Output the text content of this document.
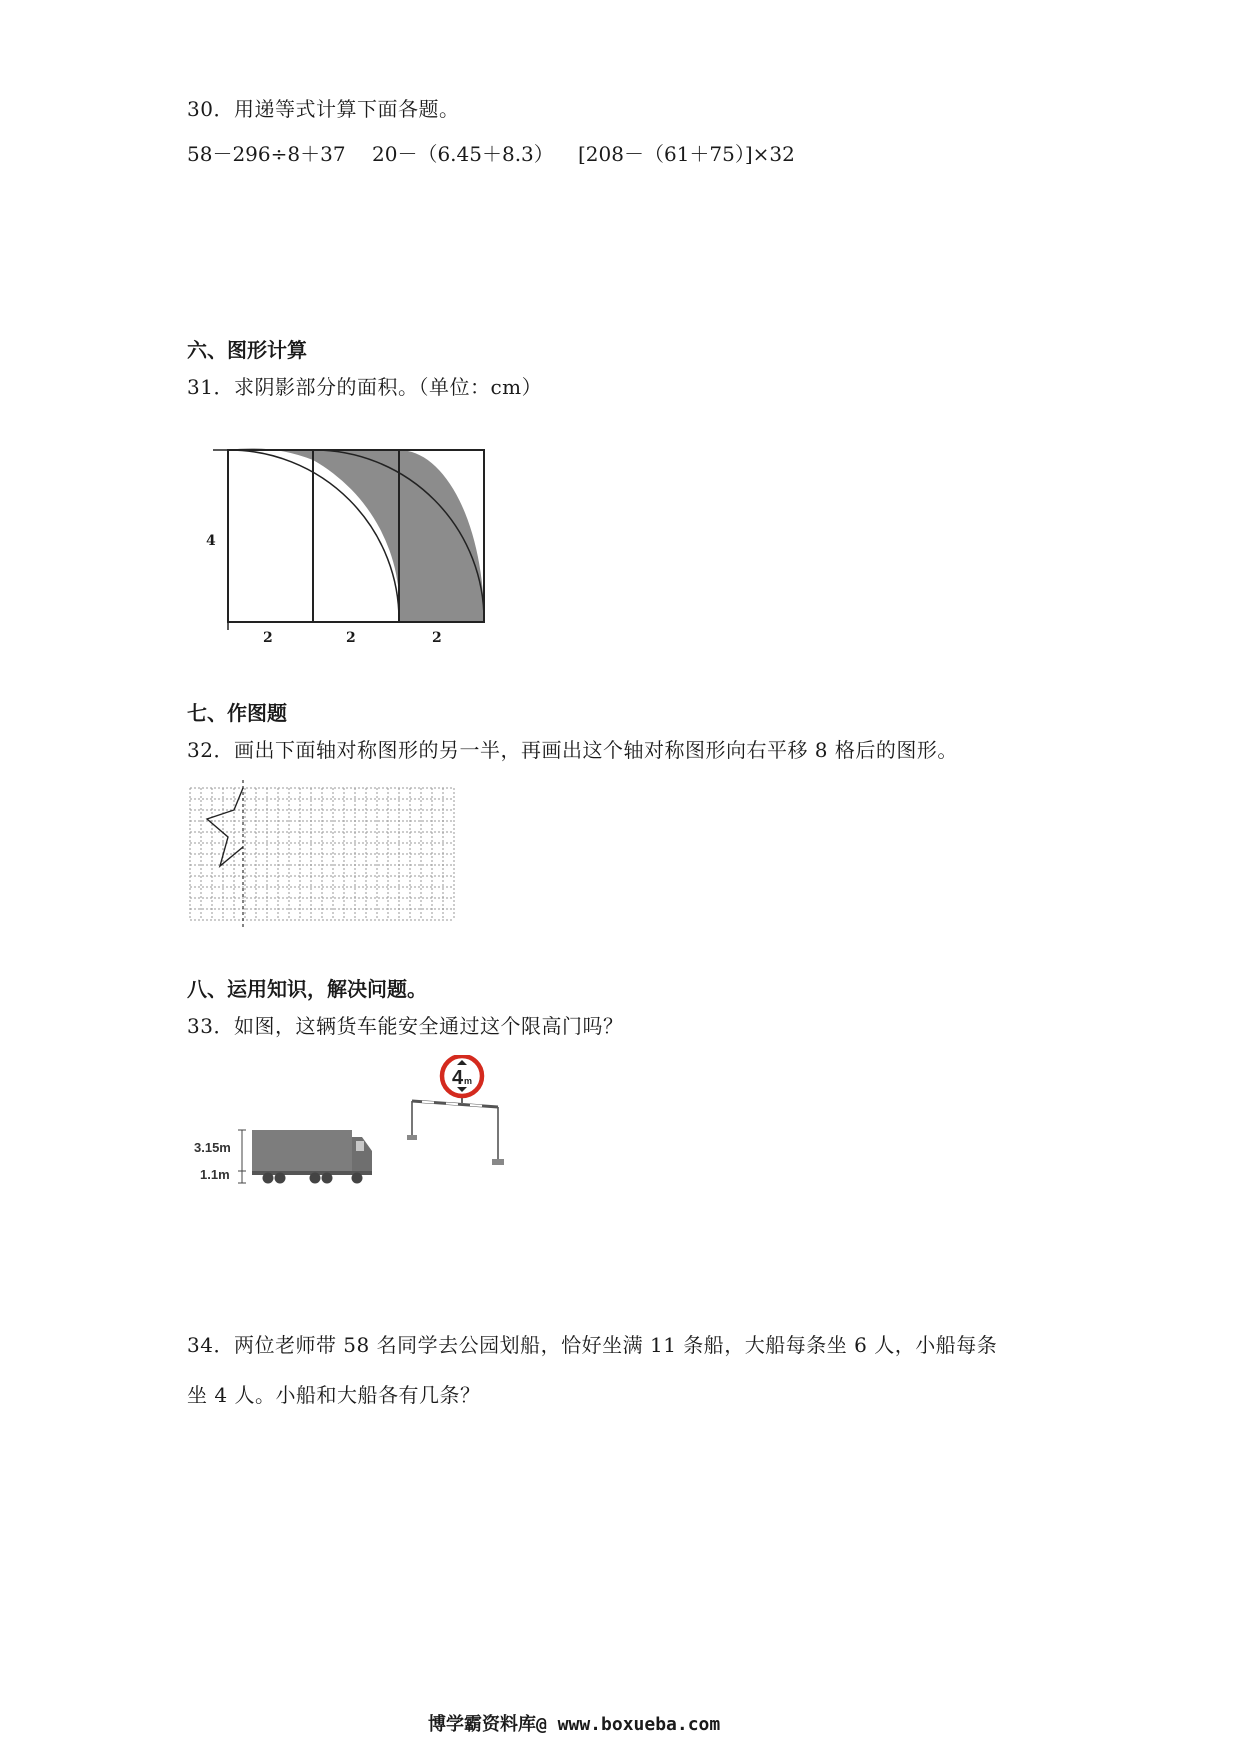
30．用递等式计算下面各题。
58－296÷8＋37 20－（6.45＋8.3） [208－（61＋75）]×32
六、图形计算
31．求阴影部分的面积。（单位：cm）
4
2	2	2
七、作图题
32．画出下面轴对称图形的另一半，再画出这个轴对称图形向右平移 8 格后的图形。
八、运用知识，解决问题。
33．如图，这辆货车能安全通过这个限高门吗？
3.15m
1.1m
4 m
34．两位老师带 58 名同学去公园划船，恰好坐满 11 条船，大船每条坐 6 人，小船每条
坐 4 人。小船和大船各有几条？
博学霸资料库@ www.boxueba.com
